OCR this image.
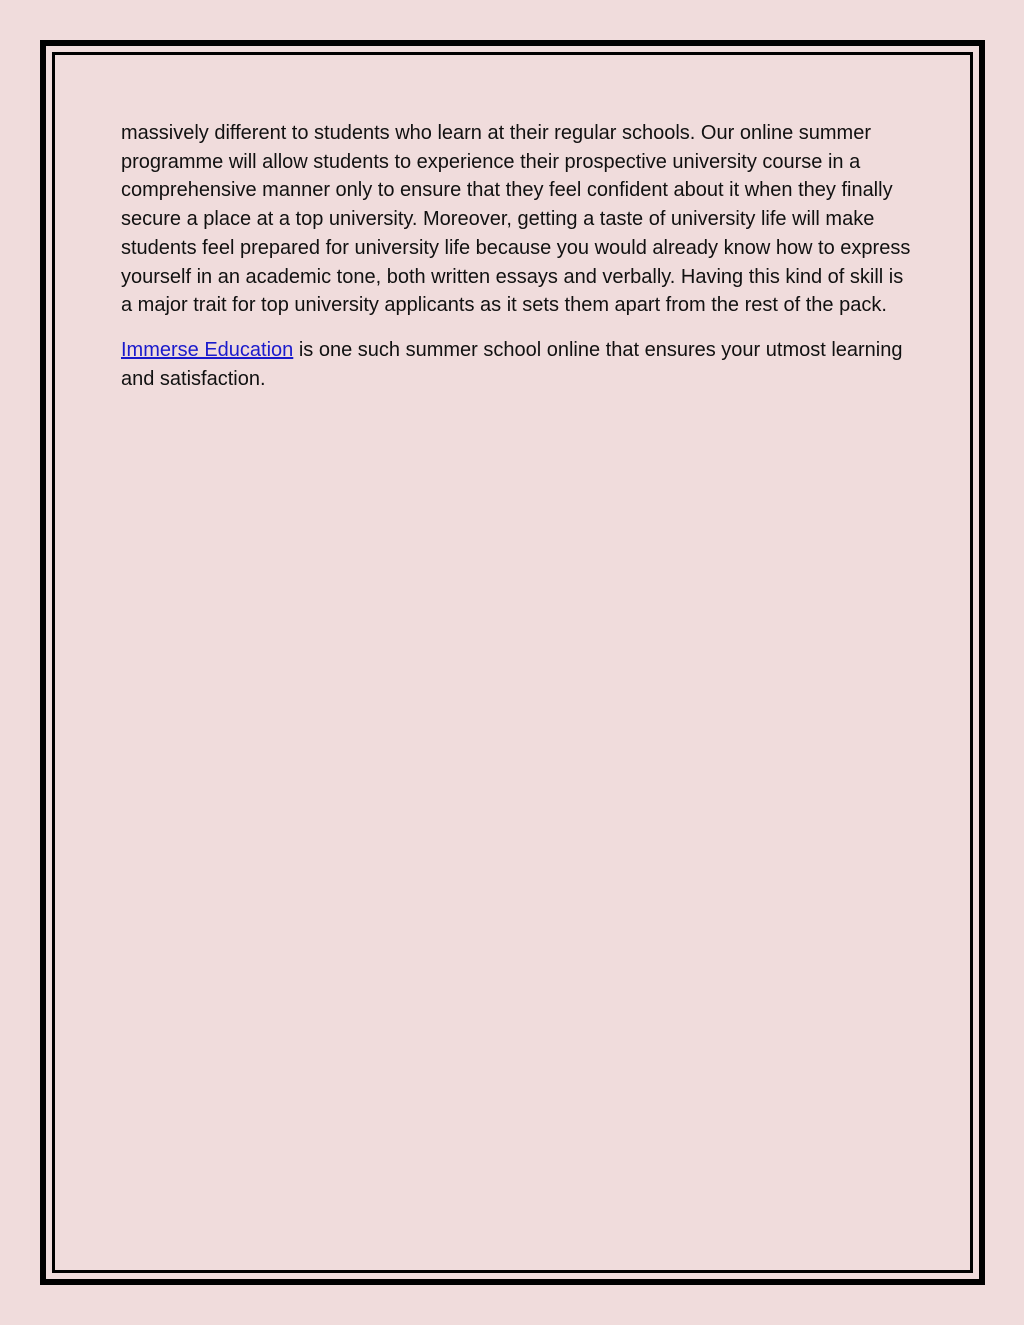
massively different to students who learn at their regular schools. Our online summer programme will allow students to experience their prospective university course in a comprehensive manner only to ensure that they feel confident about it when they finally secure a place at a top university. Moreover, getting a taste of university life will make students feel prepared for university life because you would already know how to express yourself in an academic tone, both written essays and verbally. Having this kind of skill is a major trait for top university applicants as it sets them apart from the rest of the pack.

Immerse Education is one such summer school online that ensures your utmost learning and satisfaction.
